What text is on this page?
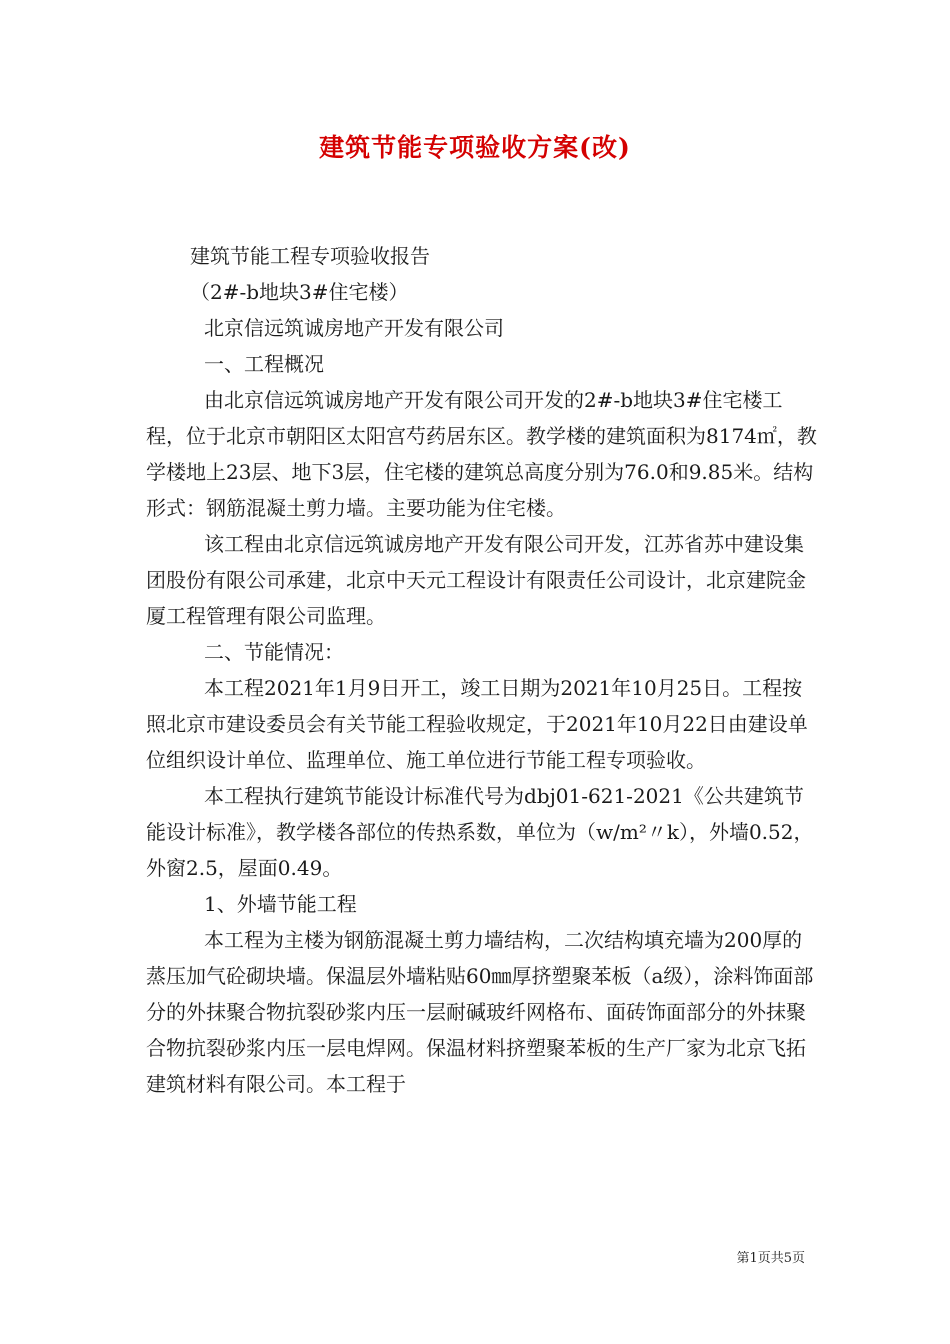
建筑节能专项验收方案(改)

建筑节能工程专项验收报告

（2#-b地块3#住宅楼）

北京信远筑诚房地产开发有限公司

一、工程概况

由北京信远筑诚房地产开发有限公司开发的2#-b地块3#住宅楼工程，位于北京市朝阳区太阳宫芍药居东区。教学楼的建筑面积为8174㎡，教学楼地上23层、地下3层，住宅楼的建筑总高度分别为76.0和9.85米。结构形式：钢筋混凝土剪力墙。主要功能为住宅楼。

该工程由北京信远筑诚房地产开发有限公司开发，江苏省苏中建设集团股份有限公司承建，北京中天元工程设计有限责任公司设计，北京建院金厦工程管理有限公司监理。

二、节能情况：

本工程2021年1月9日开工，竣工日期为2021年10月25日。工程按照北京市建设委员会有关节能工程验收规定，于2021年10月22日由建设单位组织设计单位、监理单位、施工单位进行节能工程专项验收。

本工程执行建筑节能设计标准代号为dbj01-621-2021《公共建筑节能设计标准》，教学楼各部位的传热系数，单位为（w/m²〃k），外墙0.52，外窗2.5，屋面0.49。

1、外墙节能工程

本工程为主楼为钢筋混凝土剪力墙结构，二次结构填充墙为200厚的蒸压加气砼砌块墙。保温层外墙粘贴60㎜厚挤塑聚苯板（a级），涂料饰面部分的外抹聚合物抗裂砂浆内压一层耐碱玻纤网格布、面砖饰面部分的外抹聚合物抗裂砂浆内压一层电焊网。保温材料挤塑聚苯板的生产厂家为北京飞拓建筑材料有限公司。本工程于

第1页共5页
